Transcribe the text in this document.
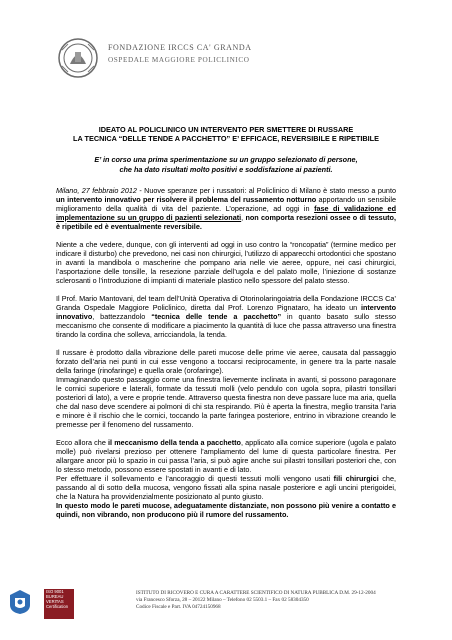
FONDAZIONE IRCCS CA' GRANDA
OSPEDALE MAGGIORE POLICLINICO
IDEATO AL POLICLINICO UN INTERVENTO PER SMETTERE DI RUSSARE
LA TECNICA “DELLE TENDE A PACCHETTO” E’ EFFICACE, REVERSIBILE E RIPETIBILE
E’ in corso una prima sperimentazione su un gruppo selezionato di persone,
che ha dato risultati molto positivi e soddisfazione ai pazienti.

Milano, 27 febbraio 2012 - Nuove speranze per i russatori: al Policlinico di Milano è stato messo a punto un intervento innovativo per risolvere il problema del russamento notturno apportando un sensibile miglioramento della qualità di vita del paziente. L’operazione, ad oggi in fase di validazione ed implementazione su un gruppo di pazienti selezionati, non comporta resezioni ossee o di tessuto, è ripetibile ed è eventualmente reversibile.

Niente a che vedere, dunque, con gli interventi ad oggi in uso contro la “roncopatia” (termine medico per indicare il disturbo) che prevedono, nei casi non chirurgici, l’utilizzo di apparecchi ortodontici che spostano in avanti la mandibola o mascherine che pompano aria nelle vie aeree, oppure, nei casi chirurgici, l’asportazione delle tonsille, la resezione parziale dell’ugola e del palato molle, l’iniezione di sostanze sclerosanti o l’introduzione di impianti di materiale plastico nello spessore del palato stesso.

Il Prof. Mario Mantovani, del team dell’Unità Operativa di Otorinolaringoiatria della Fondazione IRCCS Ca’ Granda Ospedale Maggiore Policlinico, diretta dal Prof. Lorenzo Pignataro, ha ideato un intervento innovativo, battezzandolo “tecnica delle tende a pacchetto” in quanto basato sullo stesso meccanismo che consente di modificare a piacimento la quantità di luce che passa attraverso una finestra tirando la cordina che solleva, arricciandola, la tenda.

Il russare è prodotto dalla vibrazione delle pareti mucose delle prime vie aeree, causata dal passaggio forzato dell’aria nei punti in cui esse vengono a toccarsi reciprocamente, in genere tra la parte nasale della faringe (rinofaringe) e quella orale (orofaringe).

Immaginando questo passaggio come una finestra lievemente inclinata in avanti, si possono paragonare le cornici superiore e laterali, formate da tessuti molli (velo pendulo con ugola sopra, pilastri tonsillari posteriori di lato), a vere e proprie tende. Attraverso questa finestra non deve passare luce ma aria, quella che dal naso deve scendere ai polmoni di chi sta respirando. Più è aperta la finestra, meglio transita l’aria e minore è il rischio che le cornici, toccando la parte faringea posteriore, entrino in vibrazione creando le premesse per il fenomeno del russamento.

Ecco allora che il meccanismo della tenda a pacchetto, applicato alla cornice superiore (ugola e palato molle) può rivelarsi prezioso per ottenere l’ampliamento del lume di questa particolare finestra. Per allargare ancor più lo spazio in cui passa l’aria, si può agire anche sui pilastri tonsillari posteriori che, con lo stesso metodo, possono essere spostati in avanti e di lato.

Per effettuare il sollevamento e l’ancoraggio di questi tessuti molli vengono usati fili chirurgici che, passando al di sotto della mucosa, vengono fissati alla spina nasale posteriore e agli uncini pterigoidei, che la Natura ha provvidenzialmente posizionato al punto giusto.
In questo modo le pareti mucose, adeguatamente distanziate, non possono più venire a contatto e quindi, non vibrando, non producono più il rumore del russamento.

ISO 9001
BUREAU VERITAS
Certification
ISTITUTO DI RICOVERO E CURA A CARATTERE SCIENTIFICO DI NATURA PUBBLICA D.M. 29-12-2004
via Francesco Sforza, 28 – 20122 Milano – Telefono 02 5503.1 – Fax 02 58304350
Codice Fiscale e Part. IVA 04724150968
